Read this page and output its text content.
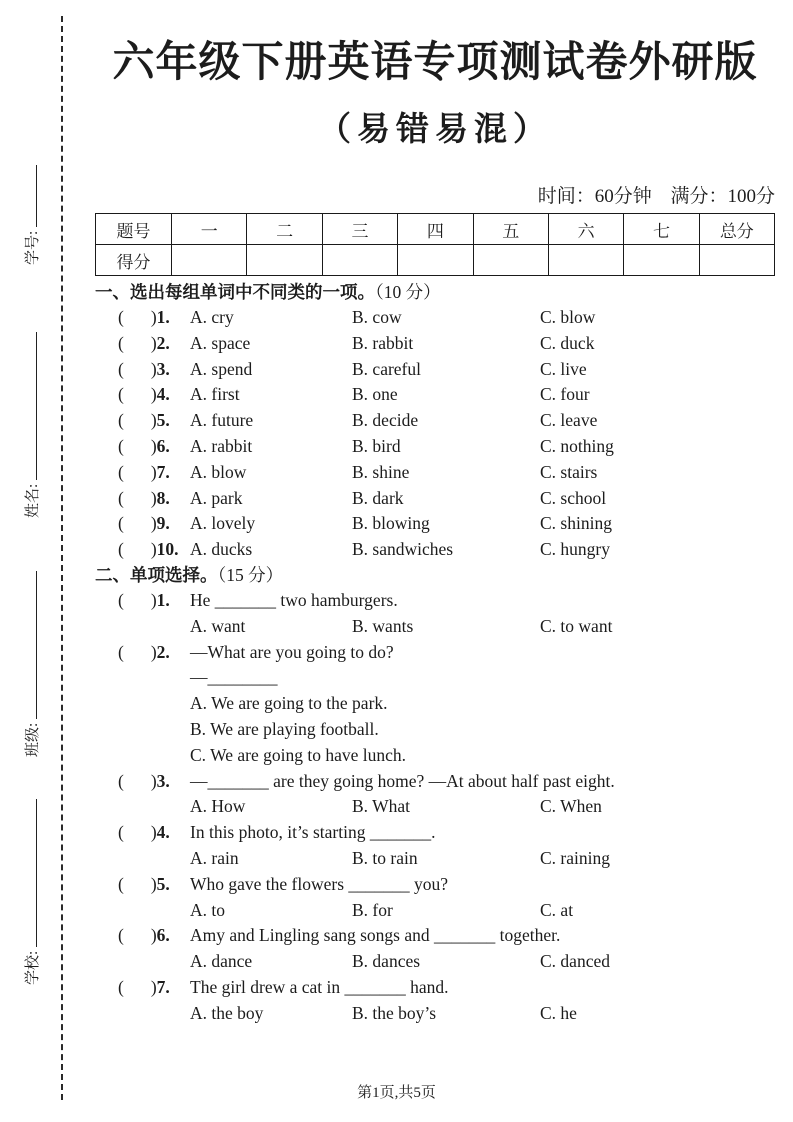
学号:
姓名:
班级:
学校:
六年级下册英语专项测试卷外研版
（易错易混）
时间：60分钟 满分：100分
题号	一	二	三	四	五	六	七	总分
得分								
一、选出每组单词中不同类的一项。（10 分）
( )1.	A. cry	B. cow	C. blow
( )2.	A. space	B. rabbit	C. duck
( )3.	A. spend	B. careful	C. live
( )4.	A. first	B. one	C. four
( )5.	A. future	B. decide	C. leave
( )6.	A. rabbit	B. bird	C. nothing
( )7.	A. blow	B. shine	C. stairs
( )8.	A. park	B. dark	C. school
( )9.	A. lovely	B. blowing	C. shining
( )10. A. ducks	B. sandwiches	C. hungry
二、单项选择。（15 分）
( )1.	He _______ two hamburgers.
A. want	B. wants	C. to want
( )2.	—What are you going to do?
—________
A. We are going to the park.
B. We are playing football.
C. We are going to have lunch.
( )3.	—_______ are they going home? —At about half past eight.
A. How	B. What	C. When
( )4.	In this photo, it’s starting _______.
A. rain	B. to rain	C. raining
( )5.	Who gave the flowers _______ you?
A. to	B. for	C. at
( )6.	Amy and Lingling sang songs and _______ together.
A. dance	B. dances	C. danced
( )7.	The girl drew a cat in _______ hand.
A. the boy	B. the boy’s	C. he
第1页,共5页
